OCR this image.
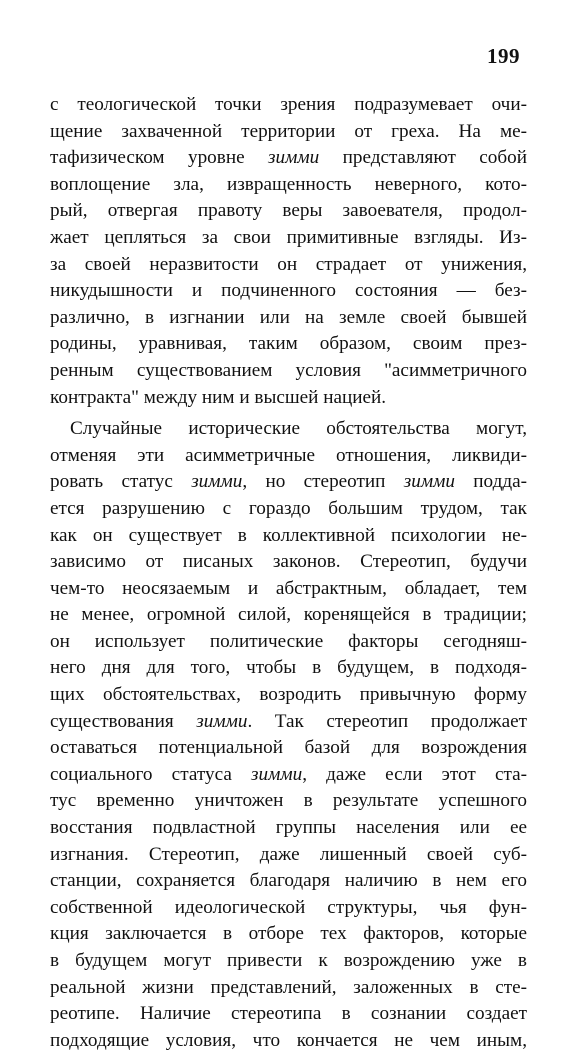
199
с теологической точки зрения подразумевает очи-
щение захваченной территории от греха. На ме-
тафизическом уровне зимми представляют собой
воплощение зла, извращенность неверного, кото-
рый, отвергая правоту веры завоевателя, продол-
жает цепляться за свои примитивные взгляды. Из-
за своей неразвитости он страдает от унижения,
никудышности и подчиненного состояния — без-
различно, в изгнании или на земле своей бывшей
родины, уравнивая, таким образом, своим през-
ренным существованием условия "асимметричного
контракта" между ним и высшей нацией.
Случайные исторические обстоятельства могут,
отменяя эти асимметричные отношения, ликвиди-
ровать статус зимми, но стереотип зимми подда-
ется разрушению с гораздо большим трудом, так
как он существует в коллективной психологии не-
зависимо от писаных законов. Стереотип, будучи
чем-то неосязаемым и абстрактным, обладает, тем
не менее, огромной силой, коренящейся в традиции;
он использует политические факторы сегодняш-
него дня для того, чтобы в будущем, в подходя-
щих обстоятельствах, возродить привычную форму
существования зимми. Так стереотип продолжает
оставаться потенциальной базой для возрождения
социального статуса зимми, даже если этот ста-
тус временно уничтожен в результате успешного
восстания подвластной группы населения или ее
изгнания. Стереотип, даже лишенный своей суб-
станции, сохраняется благодаря наличию в нем его
собственной идеологической структуры, чья фун-
кция заключается в отборе тех факторов, которые
в будущем могут привести к возрождению уже в
реальной жизни представлений, заложенных в сте-
реотипе. Наличие стереотипа в сознании создает
подходящие условия, что кончается не чем иным,
